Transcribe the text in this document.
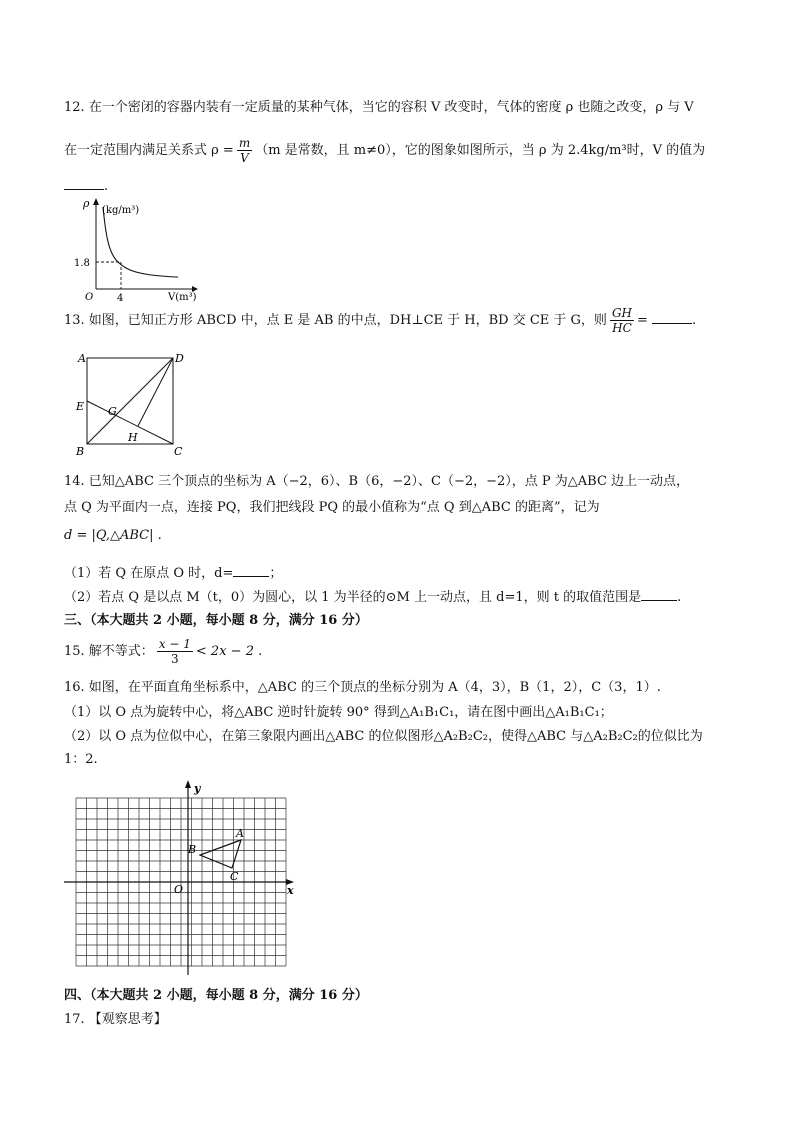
12. 在一个密闭的容器内装有一定质量的某种气体，当它的容积 V 改变时，气体的密度 ρ 也随之改变，ρ 与 V
在一定范围内满足关系式 $\rho = \frac{m}{V} (m$ 是常数，且 m≠0），它的图象如图所示，当 ρ 为 2.4kg/m³时，V 的值为
.
ρ
(kg/m³)
1.8
4
O	V(m³)
13. 如图，已知正方形 ABCD 中，点 E 是 AB 的中点，DH⊥CE 于 H，BD 交 CE 于 G，则 $\frac{GH}{HC}$ =	.
A	D
E G
H
B	C
14. 已知△ABC 三个顶点的坐标为 A（−2，6）、B（6，−2）、C（−2，−2），点 P 为△ABC 边上一动点，
点 Q 为平面内一点，连接 PQ，我们把线段 PQ 的最小值称为“点 Q 到△ABC 的距离”，记为
d = |Q,△ABC| .
（1）若 Q 在原点 O 时，d=	；
（2）若点 Q 是以点 M（t，0）为圆心，以 1 为半径的⊙M 上一动点，且 d=1，则 t 的取值范围是	.
三、（本大题共 2 小题，每小题 8 分，满分 16 分）
15. 解不等式： $\frac{x - 1}{3} < 2x - 2$ .
16. 如图，在平面直角坐标系中，△ABC 的三个顶点的坐标分别为 A（4，3），B（1，2），C（3，1）.
（1）以 O 点为旋转中心，将△ABC 逆时针旋转 90° 得到△A₁B₁C₁，请在图中画出△A₁B₁C₁；
（2）以 O 点为位似中心，在第三象限内画出△ABC 的位似图形△A₂B₂C₂，使得△ABC 与△A₂B₂C₂的位似比为
1：2.
y
x
O
A
B
C
四、（本大题共 2 小题，每小题 8 分，满分 16 分）
17. 【观察思考】
